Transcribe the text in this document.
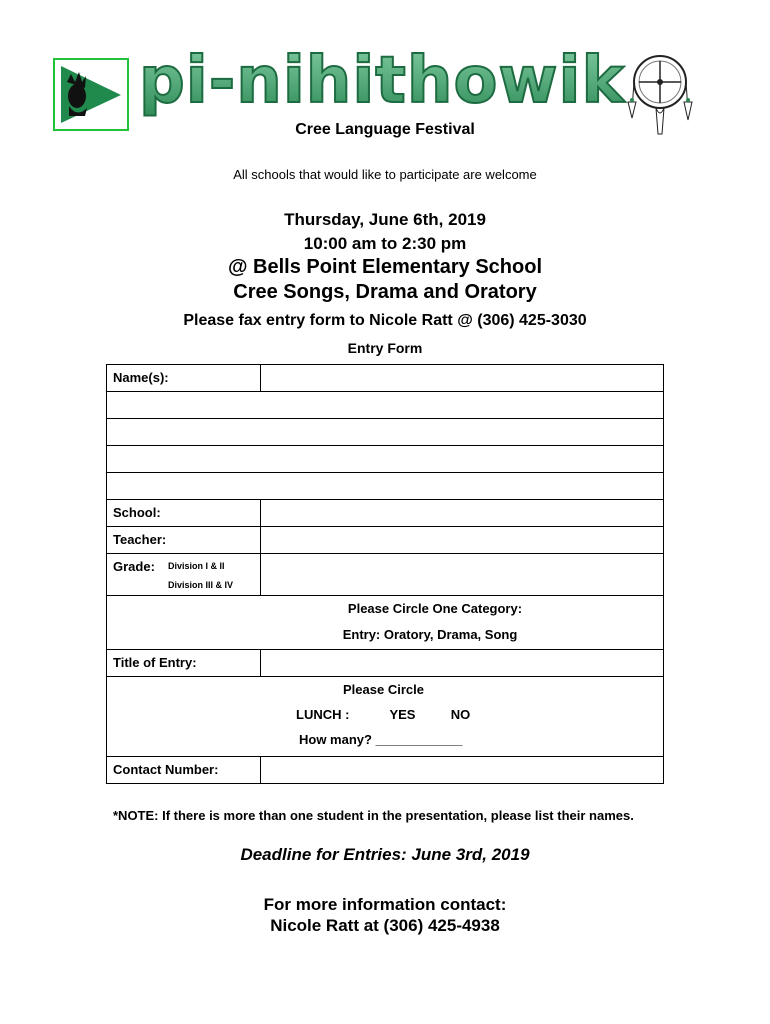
pi-nihithowik
Cree Language Festival
All schools that would like to participate are welcome
Thursday, June 6th, 2019
10:00 am to 2:30 pm
@ Bells Point Elementary School
Cree Songs, Drama and Oratory
Please fax entry form to Nicole Ratt @ (306) 425-3030
Entry Form
Name(s):	

School:	

Teacher:	

Grade: Division I & II
Division III & IV	

Please Circle One Category:
Entry: Oratory, Drama, Song	

Title of Entry:	

Please Circle
LUNCH : YES NO
How many? ____________	

Contact Number:	

*NOTE: If there is more than one student in the presentation, please list their names.
Deadline for Entries: June 3rd, 2019
For more information contact:
Nicole Ratt at (306) 425-4938
